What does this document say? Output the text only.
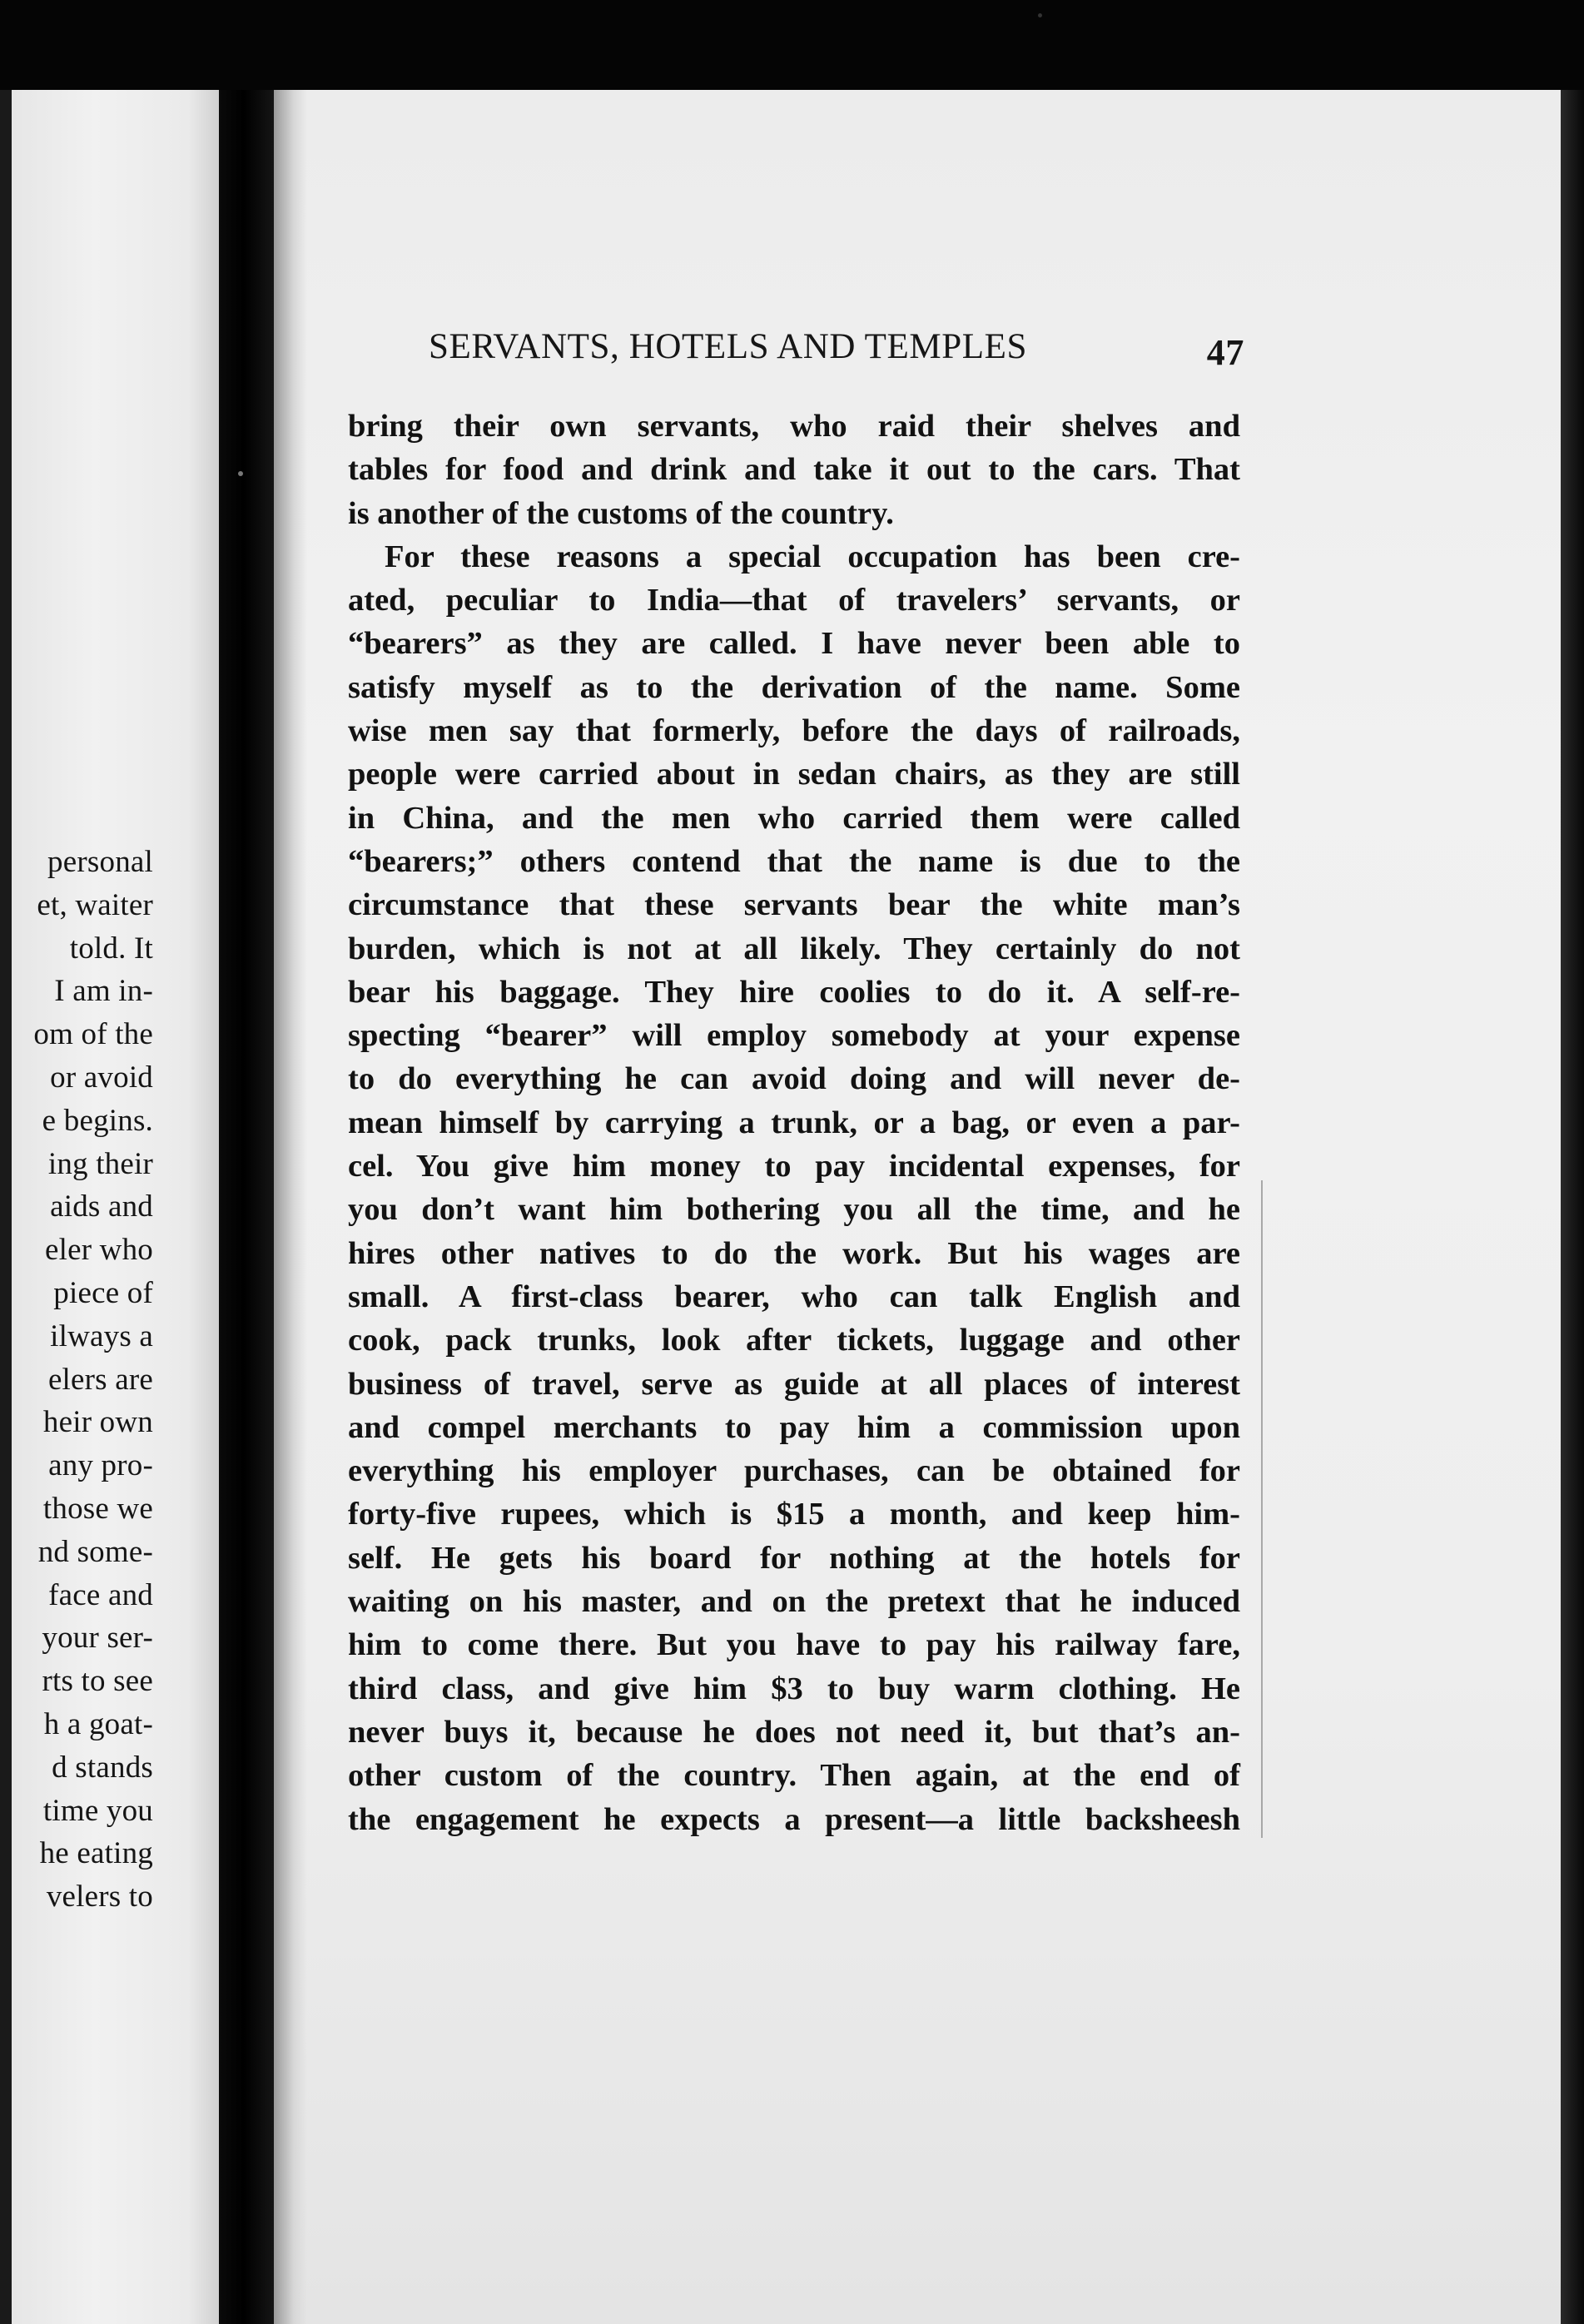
personal
et, waiter
told. It
I am in-
om of the
or avoid
e begins.
ing their
aids and
eler who
piece of
ilways a
elers are
heir own
any pro-
those we
nd some-
face and
your ser-
rts to see
h a goat-
d stands
time you
he eating
velers to
SERVANTS, HOTELS AND TEMPLES	47
bring their own servants, who raid their shelves and
tables for food and drink and take it out to the cars. That
is another of the customs of the country.
For these reasons a special occupation has been cre-
ated, peculiar to India—that of travelers’ servants, or
“bearers” as they are called. I have never been able to
satisfy myself as to the derivation of the name. Some
wise men say that formerly, before the days of railroads,
people were carried about in sedan chairs, as they are still
in China, and the men who carried them were called
“bearers;” others contend that the name is due to the
circumstance that these servants bear the white man’s
burden, which is not at all likely. They certainly do not
bear his baggage. They hire coolies to do it. A self-re-
specting “bearer” will employ somebody at your expense
to do everything he can avoid doing and will never de-
mean himself by carrying a trunk, or a bag, or even a par-
cel. You give him money to pay incidental expenses, for
you don’t want him bothering you all the time, and he
hires other natives to do the work. But his wages are
small. A first-class bearer, who can talk English and
cook, pack trunks, look after tickets, luggage and other
business of travel, serve as guide at all places of interest
and compel merchants to pay him a commission upon
everything his employer purchases, can be obtained for
forty-five rupees, which is $15 a month, and keep him-
self. He gets his board for nothing at the hotels for
waiting on his master, and on the pretext that he induced
him to come there. But you have to pay his railway fare,
third class, and give him $3 to buy warm clothing. He
never buys it, because he does not need it, but that’s an-
other custom of the country. Then again, at the end of
the engagement he expects a present—a little backsheesh
